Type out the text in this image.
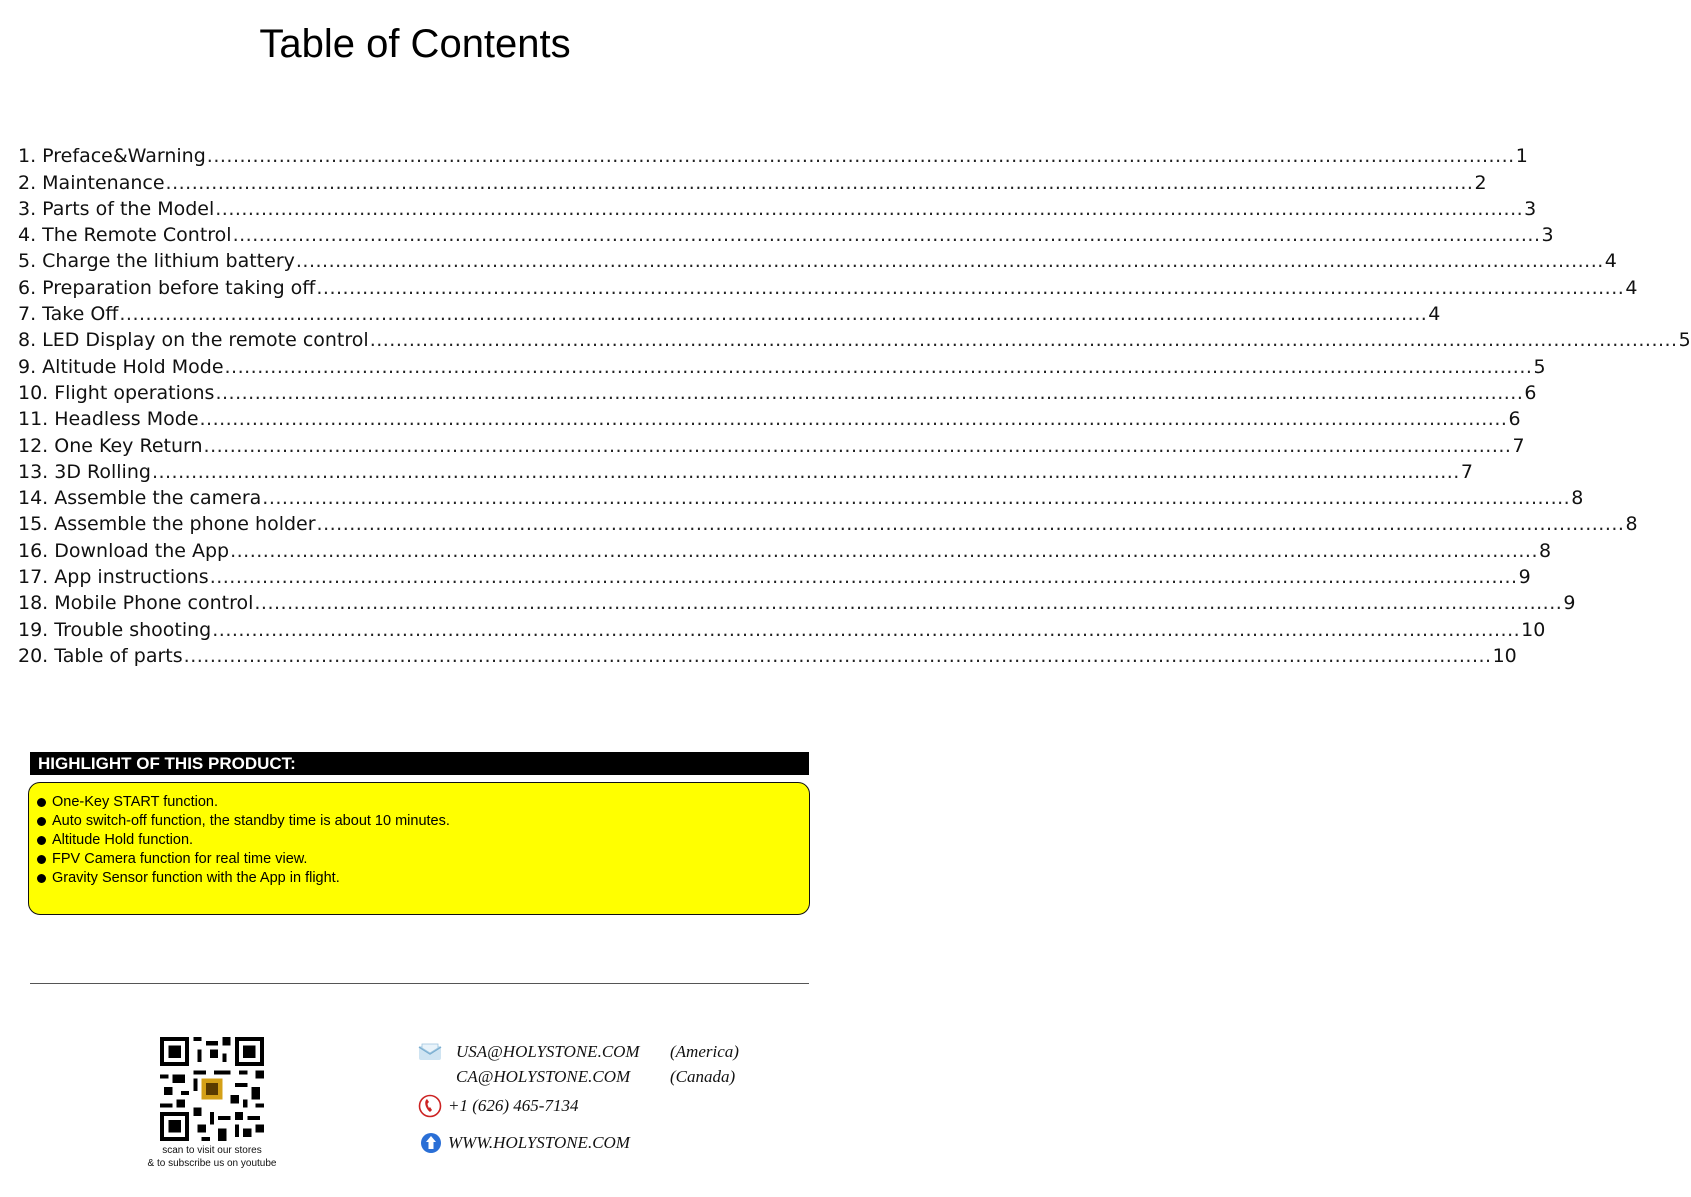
Table of Contents
1. Preface&Warning ........................................................................................................................................................................................................ 1
2. Maintenance ........................................................................................................................................................................................................ 2
3. Parts of the Model ........................................................................................................................................................................................................ 3
4. The Remote Control ........................................................................................................................................................................................................ 3
5. Charge the lithium battery ........................................................................................................................................................................................................ 4
6. Preparation before taking off ........................................................................................................................................................................................................ 4
7. Take Off ........................................................................................................................................................................................................ 4
8. LED Display on the remote control ........................................................................................................................................................................................................ 5
9. Altitude Hold Mode ........................................................................................................................................................................................................ 5
10. Flight operations ........................................................................................................................................................................................................ 6
11. Headless Mode ........................................................................................................................................................................................................ 6
12. One Key Return ........................................................................................................................................................................................................ 7
13. 3D Rolling ........................................................................................................................................................................................................ 7
14. Assemble the camera ........................................................................................................................................................................................................ 8
15. Assemble the phone holder ........................................................................................................................................................................................................ 8
16. Download the App ........................................................................................................................................................................................................ 8
17. App instructions ........................................................................................................................................................................................................ 9
18. Mobile Phone control ........................................................................................................................................................................................................ 9
19. Trouble shooting ........................................................................................................................................................................................................ 10
20. Table of parts ........................................................................................................................................................................................................ 10
HIGHLIGHT OF THIS PRODUCT:
One-Key START function.
Auto switch-off function, the standby time is about 10 minutes.
Altitude Hold function.
FPV Camera function for real time view.
Gravity Sensor function with the App in flight.
scan to visit our stores
& to subscribe us on youtube
USA@HOLYSTONE.COM (America)
CA@HOLYSTONE.COM (Canada)
+1 (626) 465-7134
WWW.HOLYSTONE.COM
